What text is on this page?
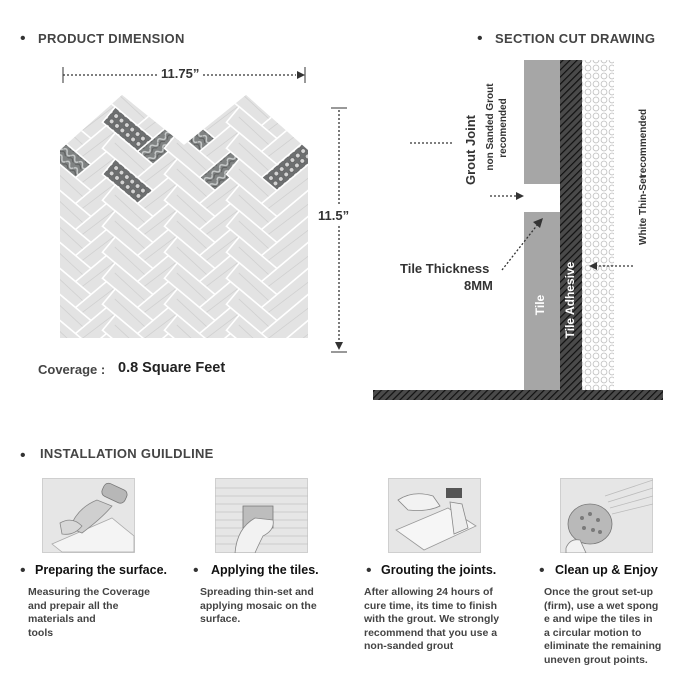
• PRODUCT DIMENSION
11.75”
11.5”
Coverage : 0.8 Square Feet
• SECTION CUT DRAWING
Grout Joint non Sanded Grout recomended
Tile Tile Adhesive
White Thin-Set
recommended
Tile Thickness
8MM
• INSTALLATION GUILDLINE
• Preparing the surface.
Measuring the Coverage
and prepair all the
materials and
tools
• Applying the tiles.
Spreading thin-set and
applying mosaic on the
surface.
• Grouting the joints.
After allowing 24 hours of
cure time, its time to finish
with the grout. We strongly
recommend that you use a
non-sanded grout
• Clean up & Enjoy
Once the grout set-up
(firm), use a wet spong
e and wipe the tiles in
a circular motion to
eliminate the remaining
uneven grout points.
